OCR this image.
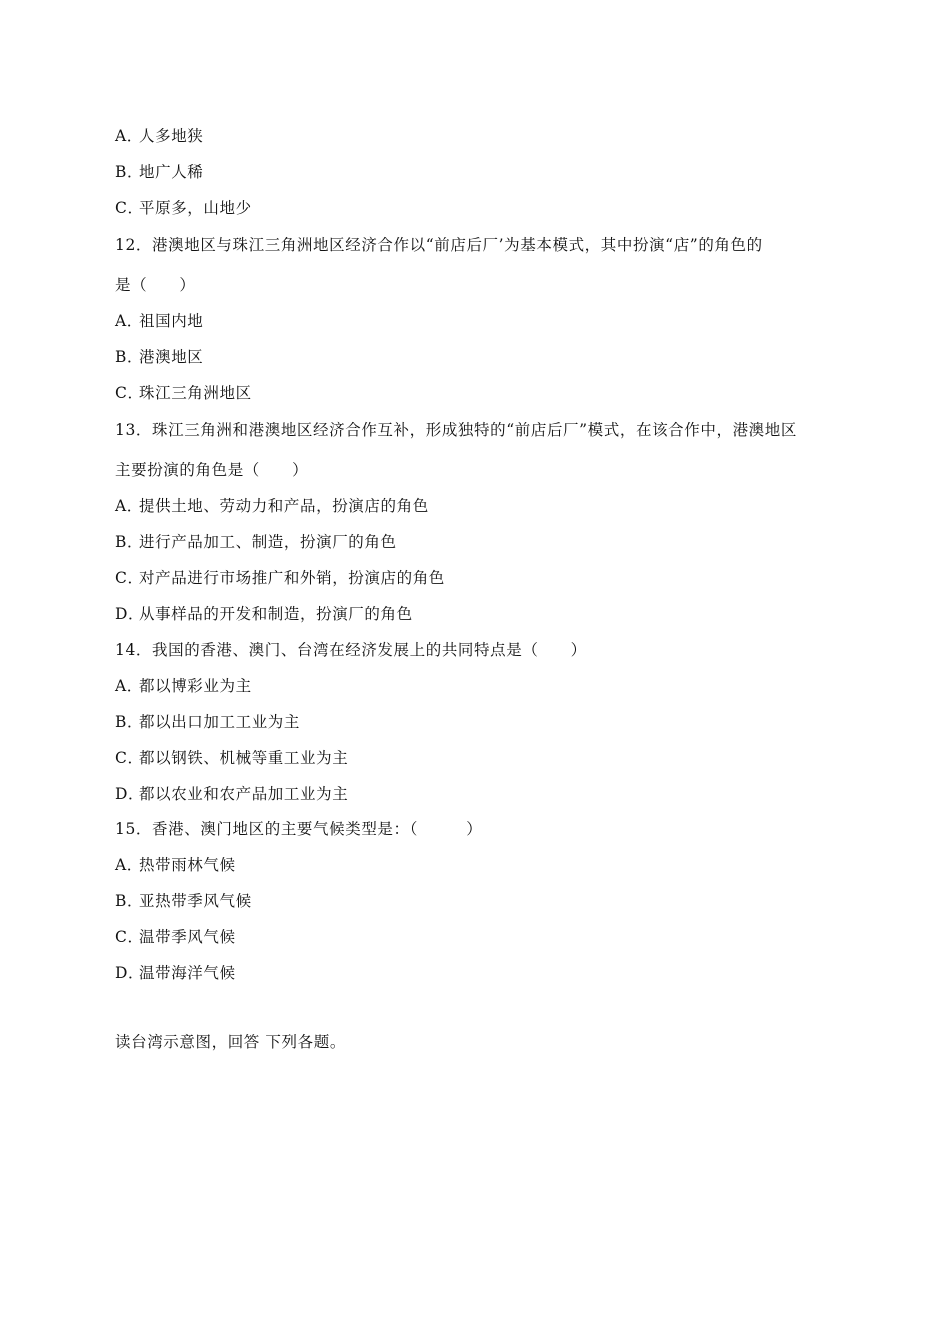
A．人多地狭
B．地广人稀
C．平原多，山地少
12．港澳地区与珠江三角洲地区经济合作以“前店后厂’为基本模式，其中扮演“店”的角色的
是（　　）
A．祖国内地
B．港澳地区
C．珠江三角洲地区
13．珠江三角洲和港澳地区经济合作互补，形成独特的“前店后厂”模式，在该合作中，港澳地区
主要扮演的角色是（　　）
A．提供土地、劳动力和产品，扮演店的角色
B．进行产品加工、制造，扮演厂的角色
C．对产品进行市场推广和外销，扮演店的角色
D．从事样品的开发和制造，扮演厂的角色
14．我国的香港、澳门、台湾在经济发展上的共同特点是（　　）
A．都以博彩业为主
B．都以出口加工工业为主
C．都以钢铁、机械等重工业为主
D．都以农业和农产品加工业为主
15．香港、澳门地区的主要气候类型是：（　　　）
A．热带雨林气候
B．亚热带季风气候
C．温带季风气候
D．温带海洋气候
读台湾示意图，回答 下列各题。
